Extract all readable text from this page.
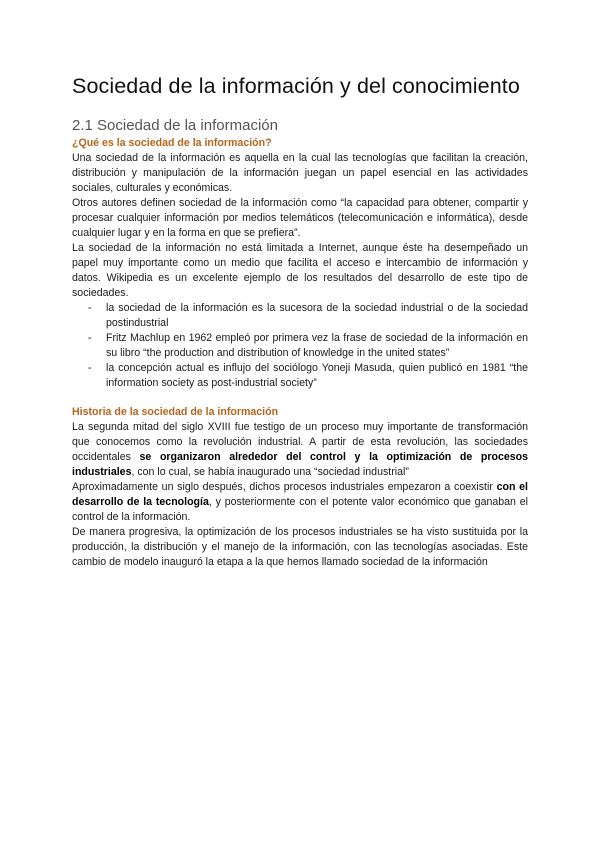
Sociedad de la información y del conocimiento
2.1 Sociedad de la información
¿Qué es la sociedad de la información?

Una sociedad de la información es aquella en la cual las tecnologías que facilitan la creación, distribución y manipulación de la información juegan un papel esencial en las actividades sociales, culturales y económicas.

Otros autores definen sociedad de la información como “la capacidad para obtener, compartir y procesar cualquier información por medios telemáticos (telecomunicación e informática), desde cualquier lugar y en la forma en que se prefiera”.

La sociedad de la información no está limitada a Internet, aunque éste ha desempeñado un papel muy importante como un medio que facilita el acceso e intercambio de información y datos. Wikipedia es un excelente ejemplo de los resultados del desarrollo de este tipo de sociedades.

- la sociedad de la información es la sucesora de la sociedad industrial o de la sociedad postindustrial
- Fritz Machlup en 1962 empleó por primera vez la frase de sociedad de la información en su libro “the production and distribution of knowledge in the united states”
- la concepción actual es influjo del sociólogo Yoneji Masuda, quien publicó en 1981 “the information society as post-industrial society”
Historia de la sociedad de la información

La segunda mitad del siglo XVIII fue testigo de un proceso muy importante de transformación que conocemos como la revolución industrial. A partir de esta revolución, las sociedades occidentales se organizaron alrededor del control y la optimización de procesos industriales, con lo cual, se había inaugurado una “sociedad industrial”

Aproximadamente un siglo después, dichos procesos industriales empezaron a coexistir con el desarrollo de la tecnología, y posteriormente con el potente valor económico que ganaban el control de la información.

De manera progresiva, la optimización de los procesos industriales se ha visto sustituida por la producción, la distribución y el manejo de la información, con las tecnologías asociadas. Este cambio de modelo inauguró la etapa a la que hemos llamado sociedad de la información
